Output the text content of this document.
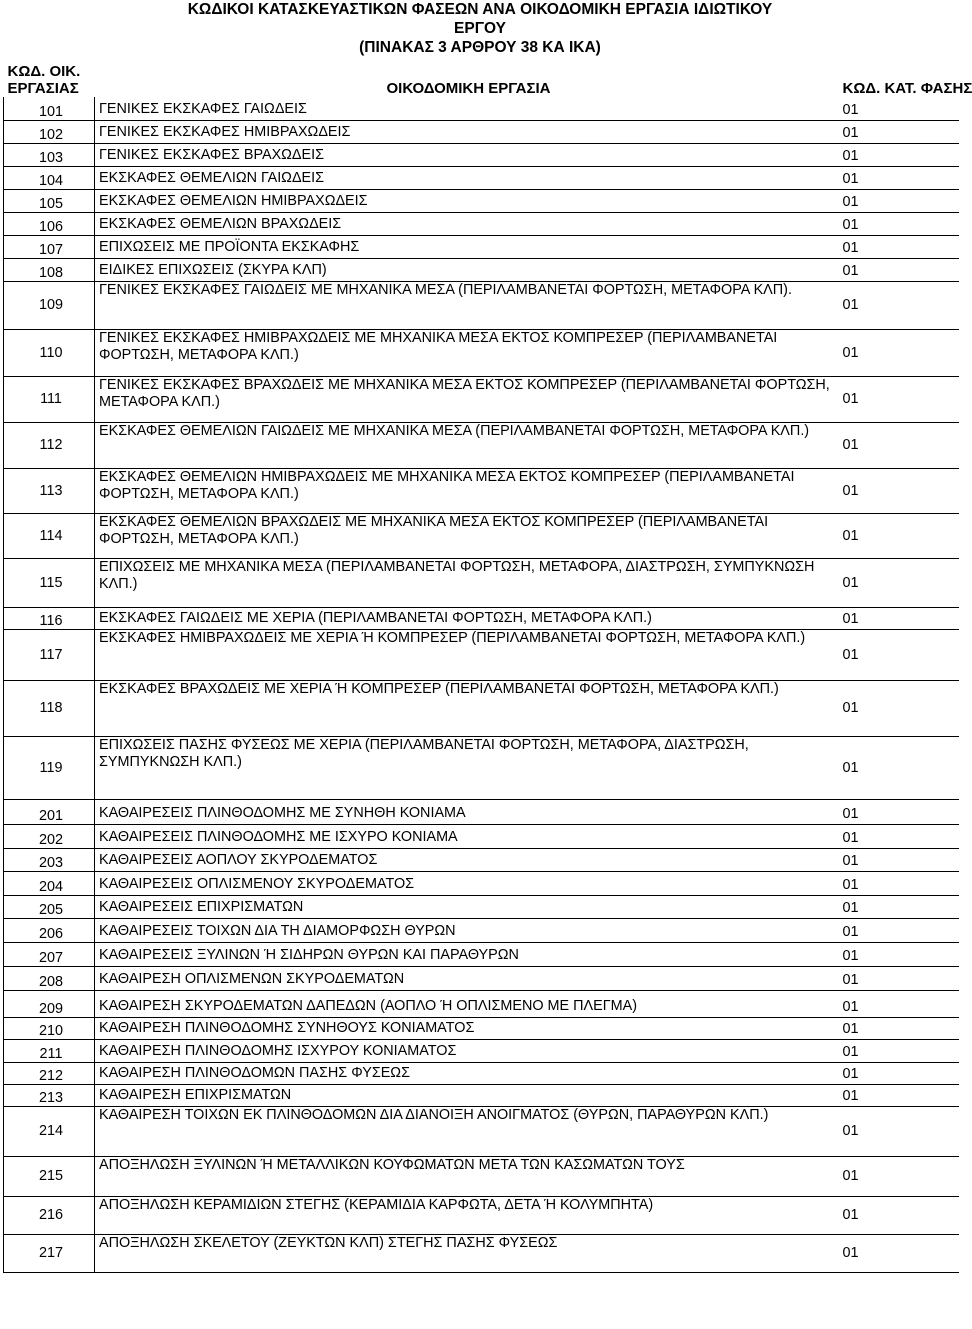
ΚΩΔΙΚΟΙ ΚΑΤΑΣΚΕΥΑΣΤΙΚΩΝ ΦΑΣΕΩΝ ΑΝΑ ΟΙΚΟΔΟΜΙΚΗ ΕΡΓΑΣΙΑ ΙΔΙΩΤΙΚΟΥ
ΕΡΓΟΥ
(ΠΙΝΑΚΑΣ 3 ΑΡΘΡΟΥ 38 ΚΑ ΙΚΑ)
ΚΩΔ. ΟΙΚ.
ΕΡΓΑΣΙΑΣ	ΟΙΚΟΔΟΜΙΚΗ ΕΡΓΑΣΙΑ	ΚΩΔ. ΚΑΤ. ΦΑΣΗΣ
101	ΓΕΝΙΚΕΣ ΕΚΣΚΑΦΕΣ ΓΑΙΩΔΕΙΣ	01
102	ΓΕΝΙΚΕΣ ΕΚΣΚΑΦΕΣ ΗΜΙΒΡΑΧΩΔΕΙΣ	01
103	ΓΕΝΙΚΕΣ ΕΚΣΚΑΦΕΣ ΒΡΑΧΩΔΕΙΣ	01
104	ΕΚΣΚΑΦΕΣ ΘΕΜΕΛΙΩΝ ΓΑΙΩΔΕΙΣ	01
105	ΕΚΣΚΑΦΕΣ ΘΕΜΕΛΙΩΝ ΗΜΙΒΡΑΧΩΔΕΙΣ	01
106	ΕΚΣΚΑΦΕΣ ΘΕΜΕΛΙΩΝ ΒΡΑΧΩΔΕΙΣ	01
107	ΕΠΙΧΩΣΕΙΣ ΜΕ ΠΡΟΪΟΝΤΑ ΕΚΣΚΑΦΗΣ	01
108	ΕΙΔΙΚΕΣ ΕΠΙΧΩΣΕΙΣ (ΣΚΥΡΑ ΚΛΠ)	01
109	ΓΕΝΙΚΕΣ ΕΚΣΚΑΦΕΣ ΓΑΙΩΔΕΙΣ ΜΕ ΜΗΧΑΝΙΚΑ ΜΕΣΑ (ΠΕΡΙΛΑΜΒΑΝΕΤΑΙ ΦΟΡΤΩΣΗ, ΜΕΤΑΦΟΡΑ ΚΛΠ).	01
110	ΓΕΝΙΚΕΣ ΕΚΣΚΑΦΕΣ ΗΜΙΒΡΑΧΩΔΕΙΣ ΜΕ ΜΗΧΑΝΙΚΑ ΜΕΣΑ ΕΚΤΟΣ ΚΟΜΠΡΕΣΕΡ (ΠΕΡΙΛΑΜΒΑΝΕΤΑΙ ΦΟΡΤΩΣΗ, ΜΕΤΑΦΟΡΑ ΚΛΠ.)	01
111	ΓΕΝΙΚΕΣ ΕΚΣΚΑΦΕΣ ΒΡΑΧΩΔΕΙΣ ΜΕ ΜΗΧΑΝΙΚΑ ΜΕΣΑ ΕΚΤΟΣ ΚΟΜΠΡΕΣΕΡ (ΠΕΡΙΛΑΜΒΑΝΕΤΑΙ ΦΟΡΤΩΣΗ, ΜΕΤΑΦΟΡΑ ΚΛΠ.)	01
112	ΕΚΣΚΑΦΕΣ ΘΕΜΕΛΙΩΝ ΓΑΙΩΔΕΙΣ ΜΕ ΜΗΧΑΝΙΚΑ ΜΕΣΑ (ΠΕΡΙΛΑΜΒΑΝΕΤΑΙ ΦΟΡΤΩΣΗ, ΜΕΤΑΦΟΡΑ ΚΛΠ.)	01
113	ΕΚΣΚΑΦΕΣ ΘΕΜΕΛΙΩΝ ΗΜΙΒΡΑΧΩΔΕΙΣ ΜΕ ΜΗΧΑΝΙΚΑ ΜΕΣΑ ΕΚΤΟΣ ΚΟΜΠΡΕΣΕΡ (ΠΕΡΙΛΑΜΒΑΝΕΤΑΙ ΦΟΡΤΩΣΗ, ΜΕΤΑΦΟΡΑ ΚΛΠ.)	01
114	ΕΚΣΚΑΦΕΣ ΘΕΜΕΛΙΩΝ ΒΡΑΧΩΔΕΙΣ ΜΕ ΜΗΧΑΝΙΚΑ ΜΕΣΑ ΕΚΤΟΣ ΚΟΜΠΡΕΣΕΡ (ΠΕΡΙΛΑΜΒΑΝΕΤΑΙ ΦΟΡΤΩΣΗ, ΜΕΤΑΦΟΡΑ ΚΛΠ.)	01
115	ΕΠΙΧΩΣΕΙΣ ΜΕ ΜΗΧΑΝΙΚΑ ΜΕΣΑ (ΠΕΡΙΛΑΜΒΑΝΕΤΑΙ ΦΟΡΤΩΣΗ, ΜΕΤΑΦΟΡΑ, ΔΙΑΣΤΡΩΣΗ, ΣΥΜΠΥΚΝΩΣΗ ΚΛΠ.)	01
116	ΕΚΣΚΑΦΕΣ ΓΑΙΩΔΕΙΣ ΜΕ ΧΕΡΙΑ (ΠΕΡΙΛΑΜΒΑΝΕΤΑΙ ΦΟΡΤΩΣΗ, ΜΕΤΑΦΟΡΑ ΚΛΠ.)	01
117	ΕΚΣΚΑΦΕΣ ΗΜΙΒΡΑΧΩΔΕΙΣ ΜΕ ΧΕΡΙΑ Ή ΚΟΜΠΡΕΣΕΡ (ΠΕΡΙΛΑΜΒΑΝΕΤΑΙ ΦΟΡΤΩΣΗ, ΜΕΤΑΦΟΡΑ ΚΛΠ.)	01
118	ΕΚΣΚΑΦΕΣ ΒΡΑΧΩΔΕΙΣ ΜΕ ΧΕΡΙΑ Ή ΚΟΜΠΡΕΣΕΡ (ΠΕΡΙΛΑΜΒΑΝΕΤΑΙ ΦΟΡΤΩΣΗ, ΜΕΤΑΦΟΡΑ ΚΛΠ.)	01
119	ΕΠΙΧΩΣΕΙΣ ΠΑΣΗΣ ΦΥΣΕΩΣ ΜΕ ΧΕΡΙΑ (ΠΕΡΙΛΑΜΒΑΝΕΤΑΙ ΦΟΡΤΩΣΗ, ΜΕΤΑΦΟΡΑ, ΔΙΑΣΤΡΩΣΗ, ΣΥΜΠΥΚΝΩΣΗ ΚΛΠ.)	01
201	ΚΑΘΑΙΡΕΣΕΙΣ ΠΛΙΝΘΟΔΟΜΗΣ ΜΕ ΣΥΝΗΘΗ ΚΟΝΙΑΜΑ	01
202	ΚΑΘΑΙΡΕΣΕΙΣ ΠΛΙΝΘΟΔΟΜΗΣ ΜΕ ΙΣΧΥΡΟ ΚΟΝΙΑΜΑ	01
203	ΚΑΘΑΙΡΕΣΕΙΣ ΑΟΠΛΟΥ ΣΚΥΡΟΔΕΜΑΤΟΣ	01
204	ΚΑΘΑΙΡΕΣΕΙΣ ΟΠΛΙΣΜΕΝΟΥ ΣΚΥΡΟΔΕΜΑΤΟΣ	01
205	ΚΑΘΑΙΡΕΣΕΙΣ ΕΠΙΧΡΙΣΜΑΤΩΝ	01
206	ΚΑΘΑΙΡΕΣΕΙΣ ΤΟΙΧΩΝ ΔΙΑ ΤΗ ΔΙΑΜΟΡΦΩΣΗ ΘΥΡΩΝ	01
207	ΚΑΘΑΙΡΕΣΕΙΣ ΞΥΛΙΝΩΝ Ή ΣΙΔΗΡΩΝ ΘΥΡΩΝ ΚΑΙ ΠΑΡΑΘΥΡΩΝ	01
208	ΚΑΘΑΙΡΕΣΗ ΟΠΛΙΣΜΕΝΩΝ ΣΚΥΡΟΔΕΜΑΤΩΝ	01
209	ΚΑΘΑΙΡΕΣΗ ΣΚΥΡΟΔΕΜΑΤΩΝ ΔΑΠΕΔΩΝ (ΑΟΠΛΟ Ή ΟΠΛΙΣΜΕΝΟ ΜΕ ΠΛΕΓΜΑ)	01
210	ΚΑΘΑΙΡΕΣΗ ΠΛΙΝΘΟΔΟΜΗΣ ΣΥΝΗΘΟΥΣ ΚΟΝΙΑΜΑΤΟΣ	01
211	ΚΑΘΑΙΡΕΣΗ ΠΛΙΝΘΟΔΟΜΗΣ ΙΣΧΥΡΟΥ ΚΟΝΙΑΜΑΤΟΣ	01
212	ΚΑΘΑΙΡΕΣΗ ΠΛΙΝΘΟΔΟΜΩΝ ΠΑΣΗΣ ΦΥΣΕΩΣ	01
213	ΚΑΘΑΙΡΕΣΗ ΕΠΙΧΡΙΣΜΑΤΩΝ	01
214	ΚΑΘΑΙΡΕΣΗ ΤΟΙΧΩΝ ΕΚ ΠΛΙΝΘΟΔΟΜΩΝ ΔΙΑ ΔΙΑΝΟΙΞΗ ΑΝΟΙΓΜΑΤΟΣ (ΘΥΡΩΝ, ΠΑΡΑΘΥΡΩΝ ΚΛΠ.)	01
215	ΑΠΟΞΗΛΩΣΗ ΞΥΛΙΝΩΝ Ή ΜΕΤΑΛΛΙΚΩΝ ΚΟΥΦΩΜΑΤΩΝ ΜΕΤΑ ΤΩΝ ΚΑΣΩΜΑΤΩΝ ΤΟΥΣ	01
216	ΑΠΟΞΗΛΩΣΗ ΚΕΡΑΜΙΔΙΩΝ ΣΤΕΓΗΣ (ΚΕΡΑΜΙΔΙΑ ΚΑΡΦΩΤΑ, ΔΕΤΑ Ή ΚΟΛΥΜΠΗΤΑ)	01
217	ΑΠΟΞΗΛΩΣΗ ΣΚΕΛΕΤΟΥ (ΖΕΥΚΤΩΝ ΚΛΠ) ΣΤΕΓΗΣ ΠΑΣΗΣ ΦΥΣΕΩΣ	01
